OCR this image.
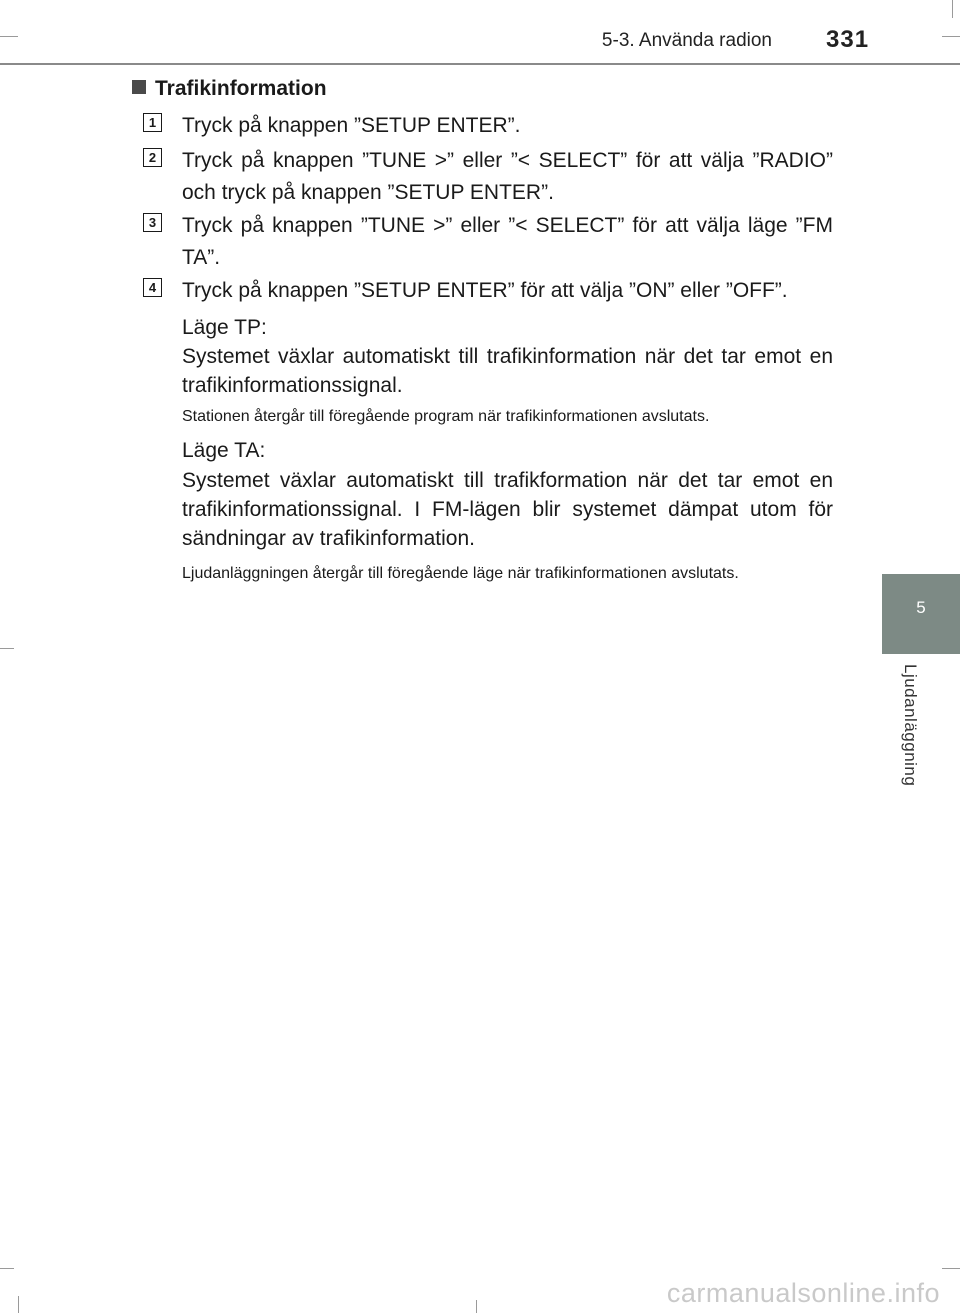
5-3. Använda radion 331
5
Ljudanläggning
Trafikinformation
1 Tryck på knappen ”SETUP ENTER”.
2 Tryck på knappen ”TUNE >” eller ”< SELECT” för att välja ”RADIO” och tryck på knappen ”SETUP ENTER”.
3 Tryck på knappen ”TUNE >” eller ”< SELECT” för att välja läge ”FM TA”.
4 Tryck på knappen ”SETUP ENTER” för att välja ”ON” eller ”OFF”.
Läge TP:
Systemet växlar automatiskt till trafikinformation när det tar emot en trafikinformationssignal.
Stationen återgår till föregående program när trafikinformationen avslutats.
Läge TA:
Systemet växlar automatiskt till trafikformation när det tar emot en trafikinformationssignal. I FM-lägen blir systemet dämpat utom för sändningar av trafikinformation.
Ljudanläggningen återgår till föregående läge när trafikinformationen avslutats.
carmanualsonline.info
